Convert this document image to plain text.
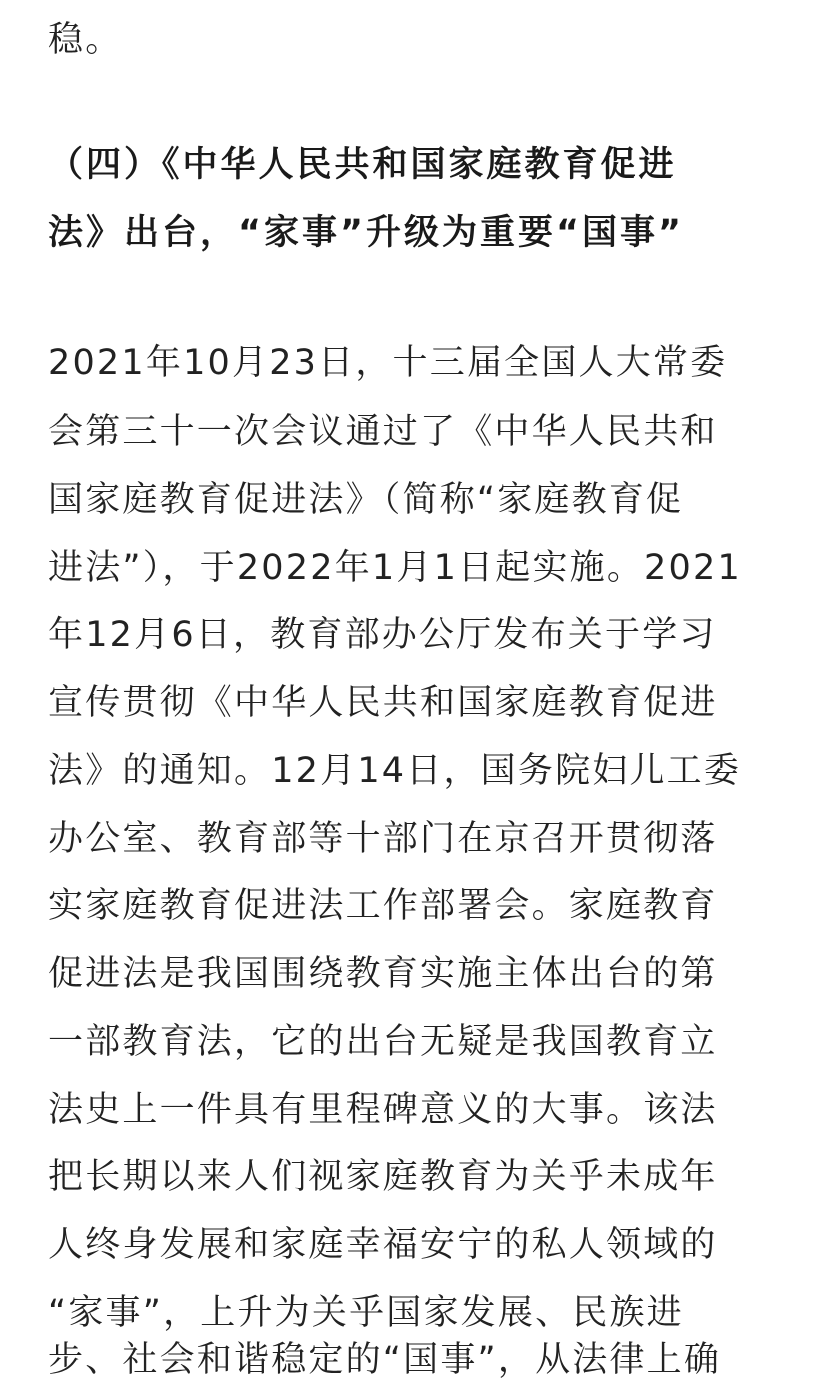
稳。
（四）《中华人民共和国家庭教育促进
法》出台，“家事”升级为重要“国事”
2021年10月23日，十三届全国人大常委
会第三十一次会议通过了《中华人民共和
国家庭教育促进法》（简称“家庭教育促
进法”），于2022年1月1日起实施。2021
年12月6日，教育部办公厅发布关于学习
宣传贯彻《中华人民共和国家庭教育促进
法》的通知。12月14日，国务院妇儿工委
办公室、教育部等十部门在京召开贯彻落
实家庭教育促进法工作部署会。家庭教育
促进法是我国围绕教育实施主体出台的第
一部教育法，它的出台无疑是我国教育立
法史上一件具有里程碑意义的大事。该法
把长期以来人们视家庭教育为关乎未成年
人终身发展和家庭幸福安宁的私人领域的
“家事”，上升为关乎国家发展、民族进
步、社会和谐稳定的“国事”，从法律上确
